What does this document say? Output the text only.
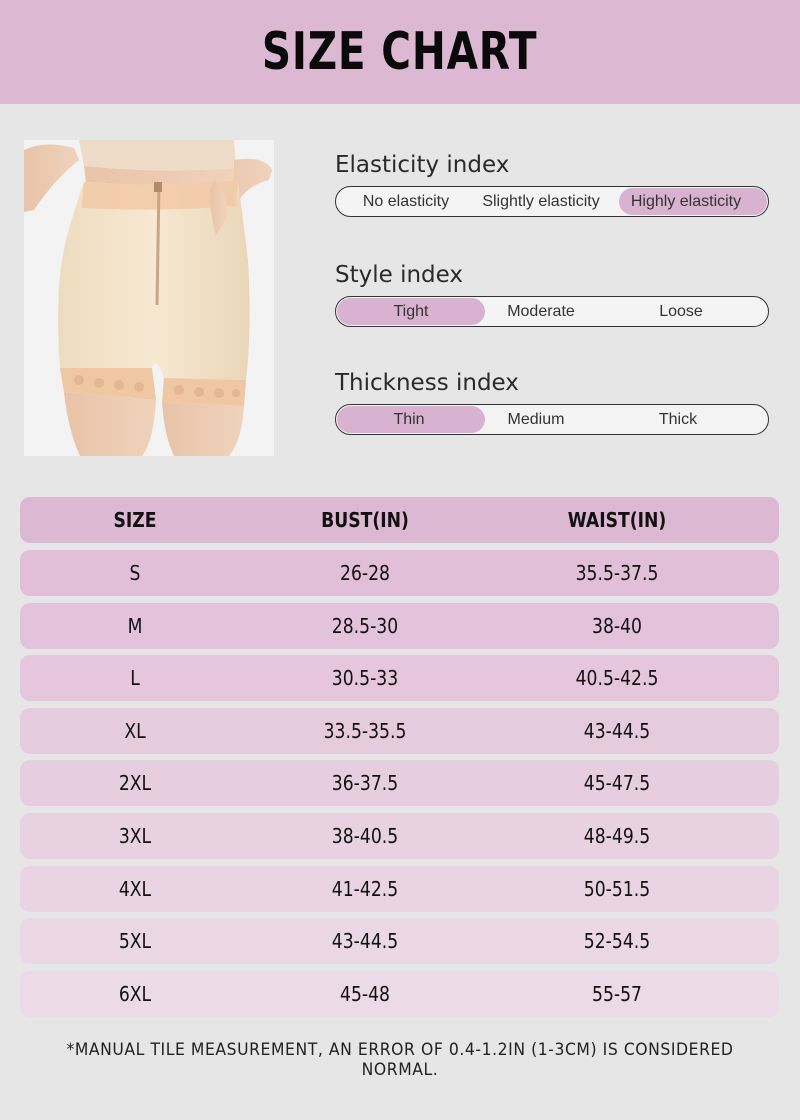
SIZE CHART
Elasticity index
No elasticity	Slightly elasticity	Highly elasticity
Style index
Tight	Moderate	Loose
Thickness index
Thin	Medium	Thick
SIZE	BUST(IN)	WAIST(IN)
S	26-28	35.5-37.5
M	28.5-30	38-40
L	30.5-33	40.5-42.5
XL	33.5-35.5	43-44.5
2XL	36-37.5	45-47.5
3XL	38-40.5	48-49.5
4XL	41-42.5	50-51.5
5XL	43-44.5	52-54.5
6XL	45-48	55-57
*MANUAL TILE MEASUREMENT, AN ERROR OF 0.4-1.2IN (1-3CM) IS CONSIDERED NORMAL.
